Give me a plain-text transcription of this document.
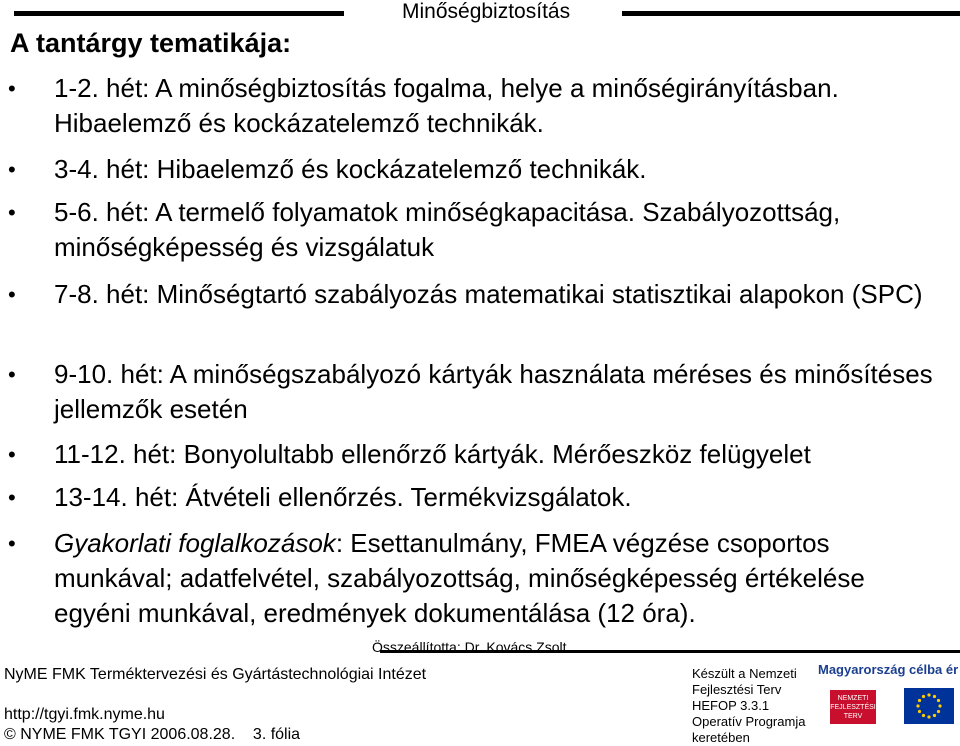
Minőségbiztosítás
A tantárgy tematikája:
• 1-2. hét: A minőségbiztosítás fogalma, helye a minőségirányításban. Hibaelemző és kockázatelemző technikák.
• 3-4. hét: Hibaelemző és kockázatelemző technikák.
• 5-6. hét: A termelő folyamatok minőségkapacitása. Szabályozottság, minőségképesség és vizsgálatuk
• 7-8. hét: Minőségtartó szabályozás matematikai statisztikai alapokon (SPC)
• 9-10. hét: A minőségszabályozó kártyák használata méréses és minősítéses jellemzők esetén
• 11-12. hét: Bonyolultabb ellenőrző kártyák. Mérőeszköz felügyelet
• 13-14. hét: Átvételi ellenőrzés. Termékvizsgálatok.
• Gyakorlati foglalkozások: Esettanulmány, FMEA végzése csoportos munkával; adatfelvétel, szabályozottság, minőségképesség értékelése egyéni munkával, eredmények dokumentálása (12 óra).
Összeállította: Dr. Kovács Zsolt
NyME FMK Terméktervezési és Gyártástechnológiai Intézet
http://tgyi.fmk.nyme.hu
© NYME FMK TGYI 2006.08.28.    3. fólia
Készült a Nemzeti Fejlesztési Terv HEFOP 3.3.1 Operatív Programja keretében
Magyarország célba ér
NEMZETI FEJLESZTÉSI TERV
